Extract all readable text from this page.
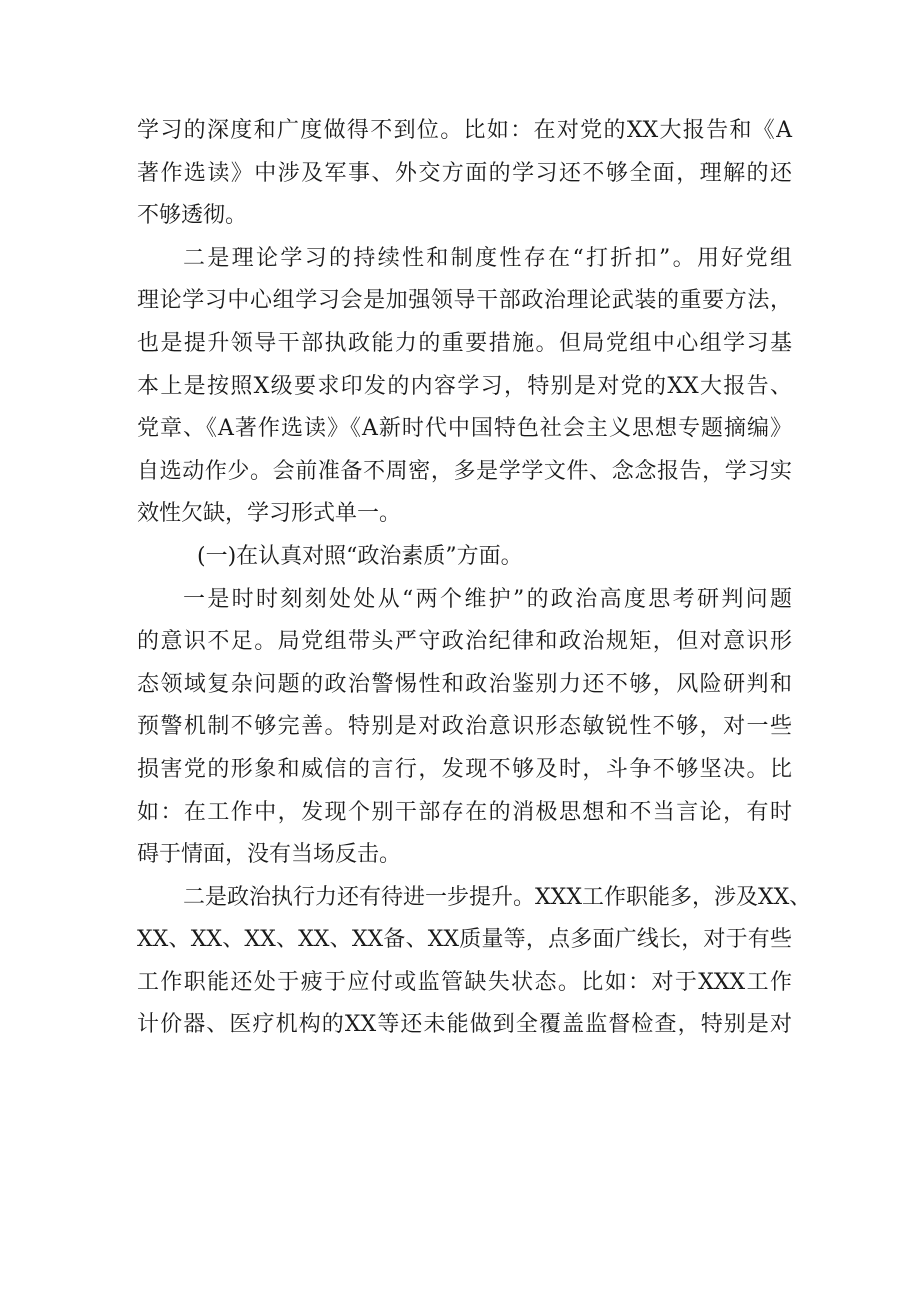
学习的深度和广度做得不到位。比如：在对党的XX大报告和《A
著作选读》中涉及军事、外交方面的学习还不够全面，理解的还
不够透彻。
二是理论学习的持续性和制度性存在“打折扣”。用好党组
理论学习中心组学习会是加强领导干部政治理论武装的重要方法，
也是提升领导干部执政能力的重要措施。但局党组中心组学习基
本上是按照X级要求印发的内容学习，特别是对党的XX大报告、
党章、《A著作选读》《A新时代中国特色社会主义思想专题摘编》
自选动作少。会前准备不周密，多是学学文件、念念报告，学习实
效性欠缺，学习形式单一。
(一)在认真对照“政治素质”方面。
一是时时刻刻处处从“两个维护”的政治高度思考研判问题
的意识不足。局党组带头严守政治纪律和政治规矩，但对意识形
态领域复杂问题的政治警惕性和政治鉴别力还不够，风险研判和
预警机制不够完善。特别是对政治意识形态敏锐性不够，对一些
损害党的形象和威信的言行，发现不够及时，斗争不够坚决。比
如：在工作中，发现个别干部存在的消极思想和不当言论，有时
碍于情面，没有当场反击。
二是政治执行力还有待进一步提升。XXX工作职能多，涉及XX、
XX、XX、XX、XX、XX备、XX质量等，点多面广线长，对于有些
工作职能还处于疲于应付或监管缺失状态。比如：对于XXX工作
计价器、医疗机构的XX等还未能做到全覆盖监督检查，特别是对
